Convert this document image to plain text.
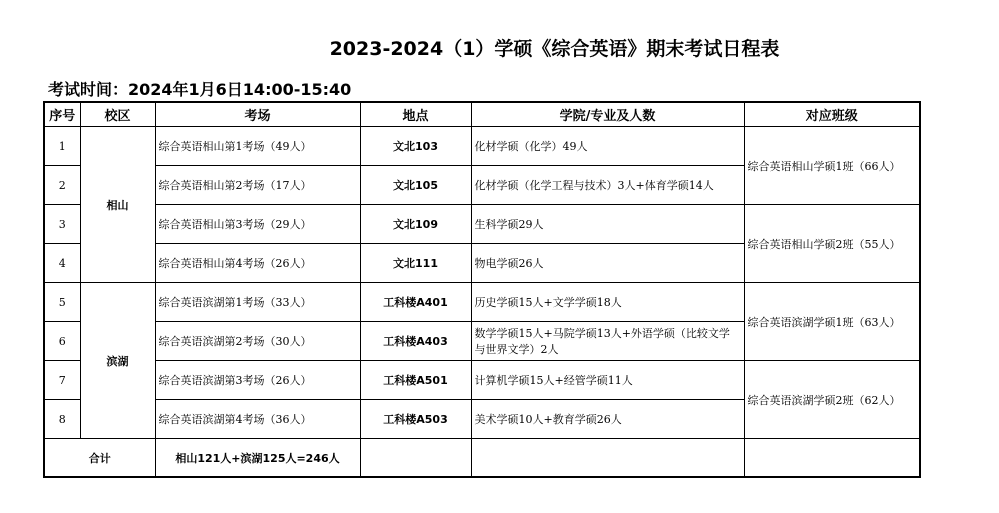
2023-2024（1）学硕《综合英语》期末考试日程表
考试时间：2024年1月6日14:00-15:40
序号	校区	考场	地点	学院/专业及人数	对应班级
1	相山	综合英语相山第1考场（49人）	文北103	化材学硕（化学）49人	综合英语相山学硕1班（66人）
2		综合英语相山第2考场（17人）	文北105	化材学硕（化学工程与技术）3人+体育学硕14人	
3		综合英语相山第3考场（29人）	文北109	生科学硕29人	综合英语相山学硕2班（55人）
4		综合英语相山第4考场（26人）	文北111	物电学硕26人	
5	滨湖	综合英语滨湖第1考场（33人）	工科楼A401	历史学硕15人+文学学硕18人	综合英语滨湖学硕1班（63人）
6		综合英语滨湖第2考场（30人）	工科楼A403	数学学硕15人+马院学硕13人+外语学硕（比较文学与世界文学）2人	
7		综合英语滨湖第3考场（26人）	工科楼A501	计算机学硕15人+经管学硕11人	综合英语滨湖学硕2班（62人）
8		综合英语滨湖第4考场（36人）	工科楼A503	美术学硕10人+教育学硕26人	
合计		相山121人+滨湖125人=246人			
